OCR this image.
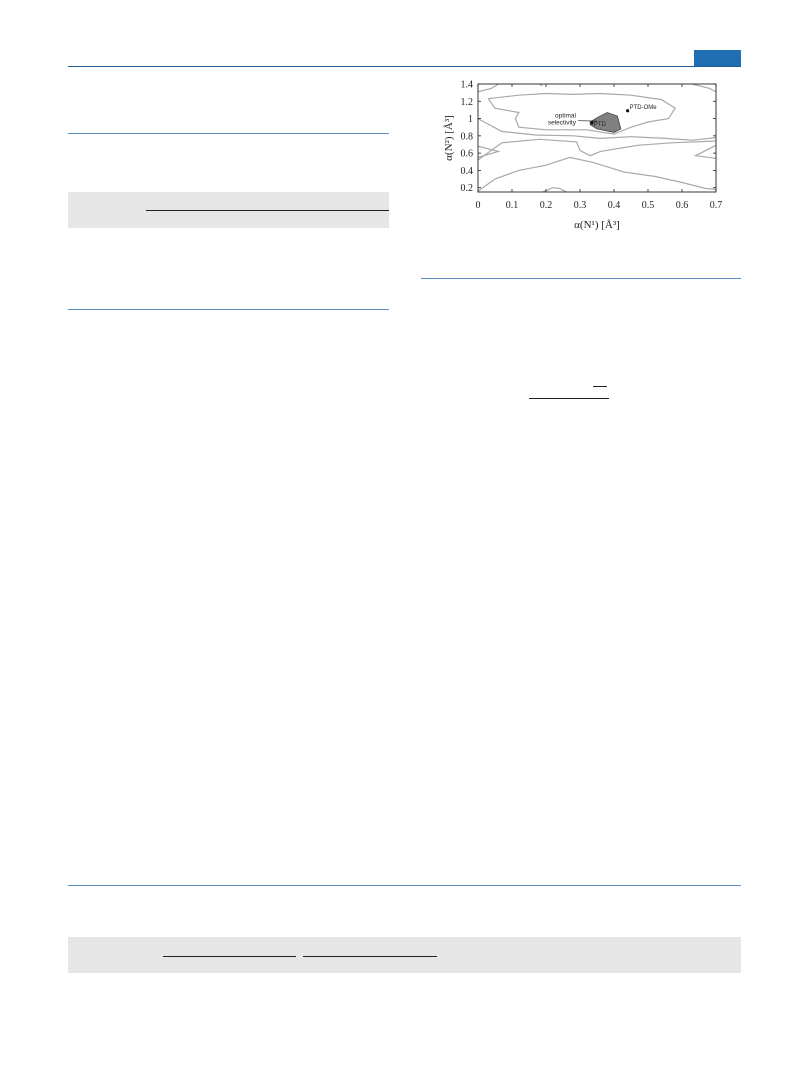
optimal
selectivity	PTD
PTD-OMe
0	0.1 0.2 0.3 0.4 0.5 0.6 0.7
0.2
0.4
0.6
0.8
1
1.2
1.4
α(N¹) [Å³]
α(N²) [Å³]
